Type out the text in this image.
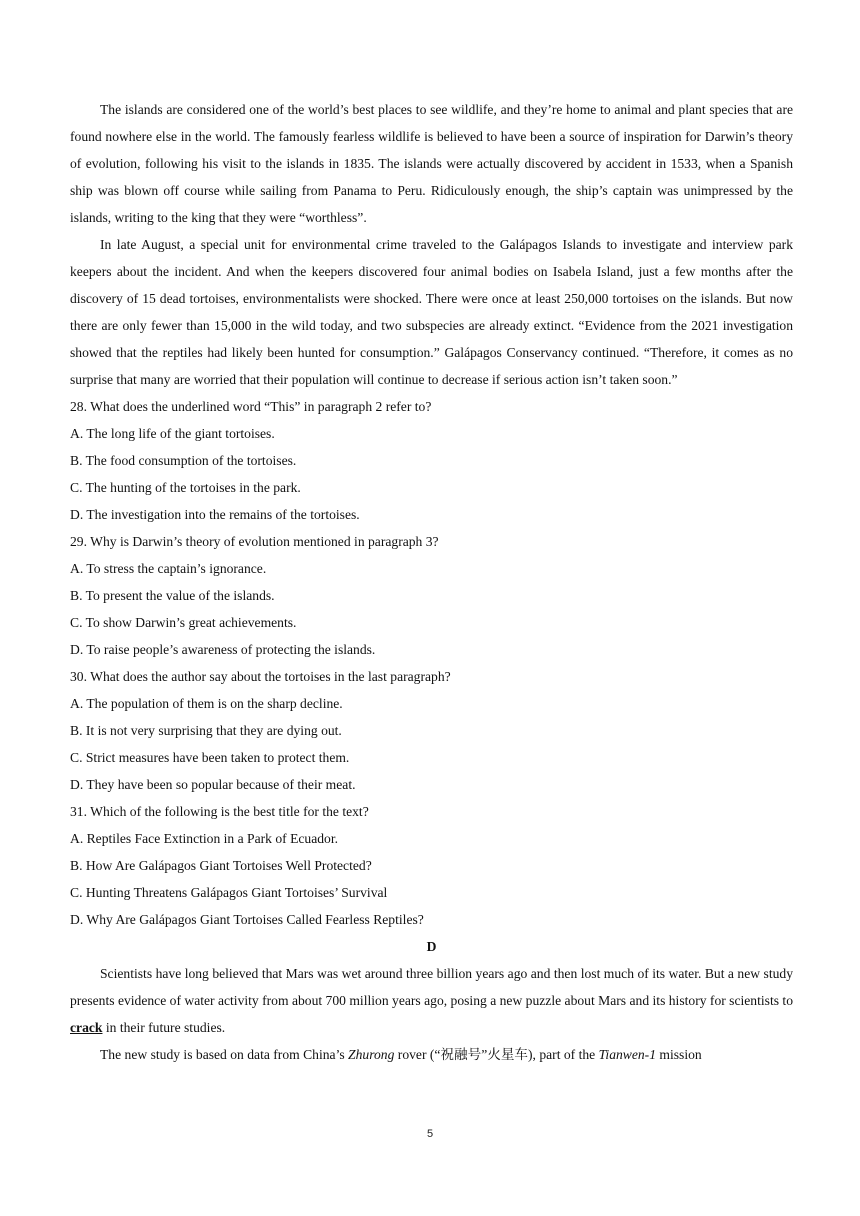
The islands are considered one of the world’s best places to see wildlife, and they’re home to animal and plant species that are found nowhere else in the world. The famously fearless wildlife is believed to have been a source of inspiration for Darwin’s theory of evolution, following his visit to the islands in 1835. The islands were actually discovered by accident in 1533, when a Spanish ship was blown off course while sailing from Panama to Peru. Ridiculously enough, the ship’s captain was unimpressed by the islands, writing to the king that they were “worthless”.

In late August, a special unit for environmental crime traveled to the Galápagos Islands to investigate and interview park keepers about the incident. And when the keepers discovered four animal bodies on Isabela Island, just a few months after the discovery of 15 dead tortoises, environmentalists were shocked. There were once at least 250,000 tortoises on the islands. But now there are only fewer than 15,000 in the wild today, and two subspecies are already extinct. “Evidence from the 2021 investigation showed that the reptiles had likely been hunted for consumption.” Galápagos Conservancy continued. “Therefore, it comes as no surprise that many are worried that their population will continue to decrease if serious action isn’t taken soon.”

28. What does the underlined word “This” in paragraph 2 refer to?

A. The long life of the giant tortoises.

B. The food consumption of the tortoises.

C. The hunting of the tortoises in the park.

D. The investigation into the remains of the tortoises.

29. Why is Darwin’s theory of evolution mentioned in paragraph 3?

A. To stress the captain’s ignorance.

B. To present the value of the islands.

C. To show Darwin’s great achievements.

D. To raise people’s awareness of protecting the islands.

30. What does the author say about the tortoises in the last paragraph?

A. The population of them is on the sharp decline.

B. It is not very surprising that they are dying out.

C. Strict measures have been taken to protect them.

D. They have been so popular because of their meat.

31. Which of the following is the best title for the text?

A. Reptiles Face Extinction in a Park of Ecuador.

B. How Are Galápagos Giant Tortoises Well Protected?

C. Hunting Threatens Galápagos Giant Tortoises’ Survival

D. Why Are Galápagos Giant Tortoises Called Fearless Reptiles?

D

Scientists have long believed that Mars was wet around three billion years ago and then lost much of its water. But a new study presents evidence of water activity from about 700 million years ago, posing a new puzzle about Mars and its history for scientists to crack in their future studies.

The new study is based on data from China’s Zhurong rover (“祝融号”火星车), part of the Tianwen-1 mission

5
